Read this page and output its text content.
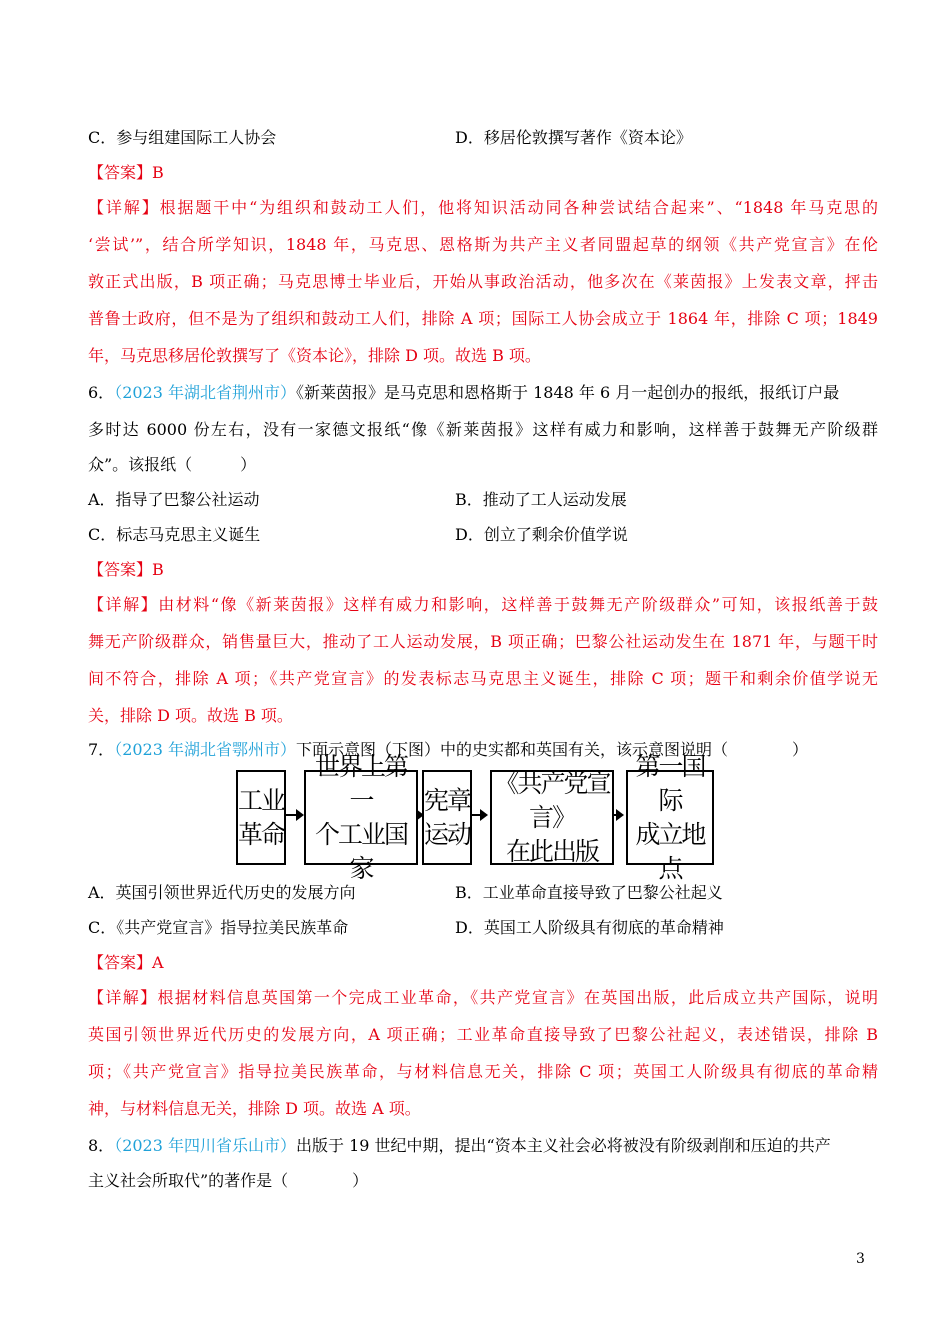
C．参与组建国际工人协会	D．移居伦敦撰写著作《资本论》
【答案】B
【详解】根据题干中“为组织和鼓动工人们，他将知识活动同各种尝试结合起来”、“1848 年马克思的
‘尝试’”，结合所学知识，1848 年，马克思、恩格斯为共产主义者同盟起草的纲领《共产党宣言》在伦
敦正式出版，B 项正确；马克思博士毕业后，开始从事政治活动，他多次在《莱茵报》上发表文章，抨击
普鲁士政府，但不是为了组织和鼓动工人们，排除 A 项；国际工人协会成立于 1864 年，排除 C 项；1849
年，马克思移居伦敦撰写了《资本论》，排除 D 项。故选 B 项。
6．（2023 年湖北省荆州市）《新莱茵报》是马克思和恩格斯于 1848 年 6 月一起创办的报纸，报纸订户最
多时达 6000 份左右，没有一家德文报纸“像《新莱茵报》这样有威力和影响，这样善于鼓舞无产阶级群
众”。该报纸（　　　）
A．指导了巴黎公社运动	B．推动了工人运动发展
C．标志马克思主义诞生	D．创立了剩余价值学说
【答案】B
【详解】由材料“像《新莱茵报》这样有威力和影响，这样善于鼓舞无产阶级群众”可知，该报纸善于鼓
舞无产阶级群众，销售量巨大，推动了工人运动发展，B 项正确；巴黎公社运动发生在 1871 年，与题干时
间不符合，排除 A 项；《共产党宣言》的发表标志马克思主义诞生，排除 C 项；题干和剩余价值学说无
关，排除 D 项。故选 B 项。
7．（2023 年湖北省鄂州市）下面示意图（下图）中的史实都和英国有关，该示意图说明（　　　　）
工业
革命
世界上第一
个工业国家
宪章
运动
《共产党宣言》
在此出版
第一国际
成立地点
A．英国引领世界近代历史的发展方向	B．工业革命直接导致了巴黎公社起义
C．《共产党宣言》指导拉美民族革命	D．英国工人阶级具有彻底的革命精神
【答案】A
【详解】根据材料信息英国第一个完成工业革命，《共产党宣言》在英国出版，此后成立共产国际，说明
英国引领世界近代历史的发展方向，A 项正确；工业革命直接导致了巴黎公社起义，表述错误，排除 B
项；《共产党宣言》指导拉美民族革命，与材料信息无关，排除 C 项；英国工人阶级具有彻底的革命精
神，与材料信息无关，排除 D 项。故选 A 项。
8．（2023 年四川省乐山市）出版于 19 世纪中期，提出“资本主义社会必将被没有阶级剥削和压迫的共产
主义社会所取代”的著作是（　　　　）
3
